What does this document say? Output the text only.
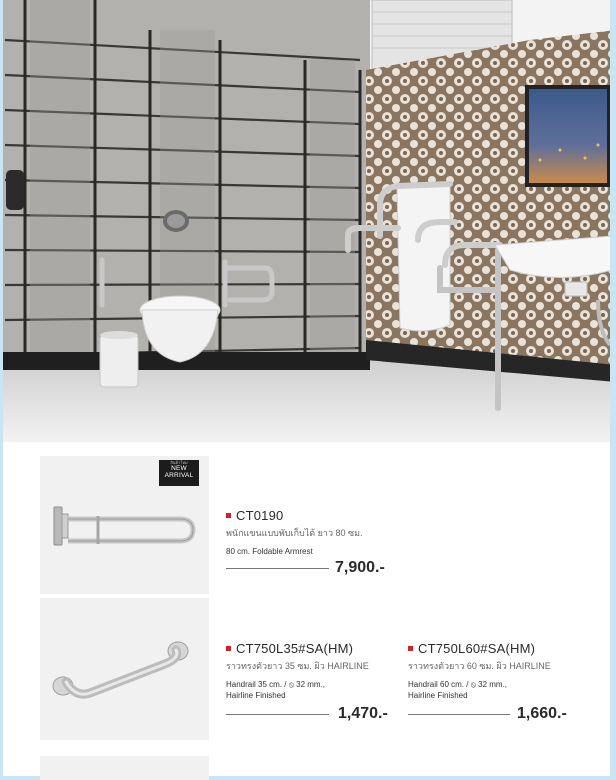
สินค้าใหม่
NEW
ARRIVAL
CT0190
พนักแขนแบบพับเก็บได้ ยาว 80 ซม.
80 cm. Foldable Armrest
7,900.-
CT750L35#SA(HM)
ราวทรงตัวยาว 35 ซม. ผิว HAIRLINE
Handrail 35 cm. / ⦸ 32 mm.,
Hairline Finished
1,470.-
CT750L60#SA(HM)
ราวทรงตัวยาว 60 ซม. ผิว HAIRLINE
Handrail 60 cm. / ⦸ 32 mm.,
Hairline Finished
1,660.-
